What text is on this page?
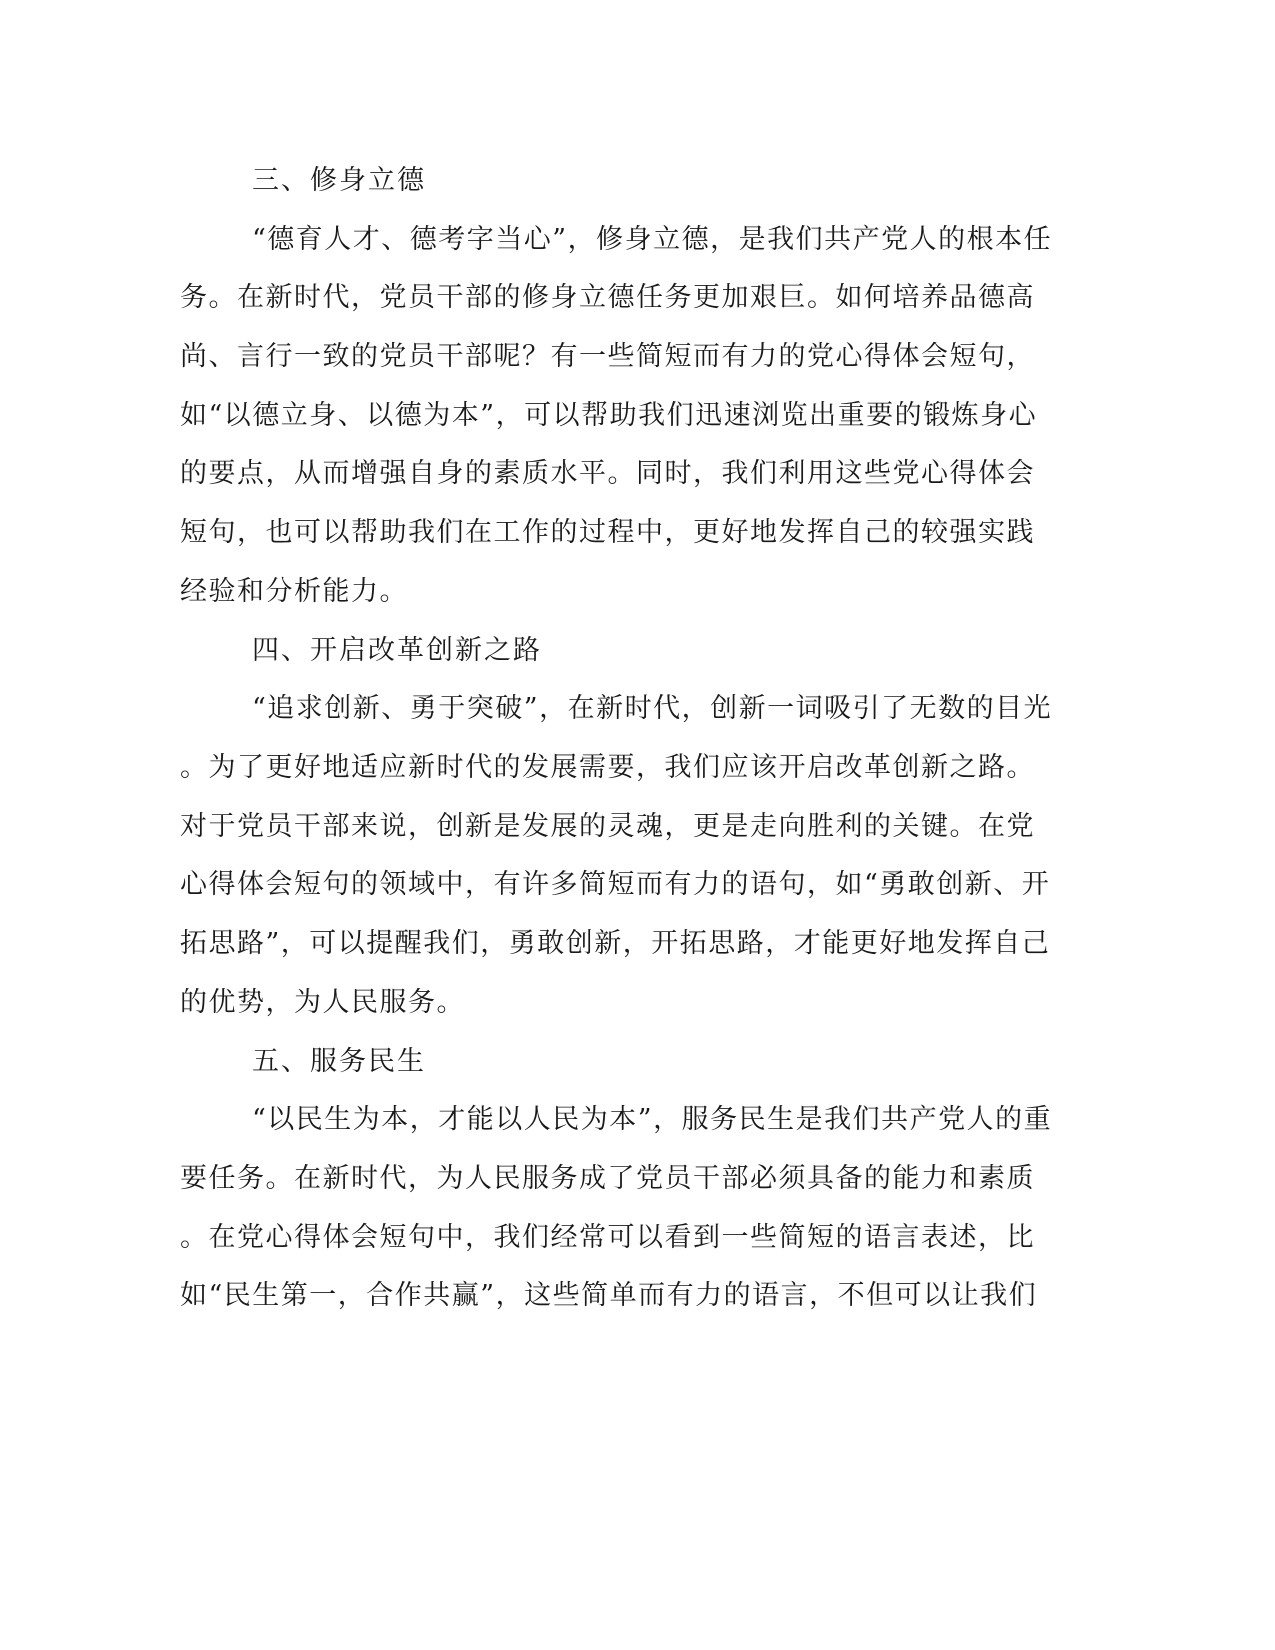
三、修身立德
“德育人才、德考字当心”，修身立德，是我们共产党人的根本任
务。在新时代，党员干部的修身立德任务更加艰巨。如何培养品德高
尚、言行一致的党员干部呢？有一些简短而有力的党心得体会短句，
如“以德立身、以德为本”，可以帮助我们迅速浏览出重要的锻炼身心
的要点，从而增强自身的素质水平。同时，我们利用这些党心得体会
短句，也可以帮助我们在工作的过程中，更好地发挥自己的较强实践
经验和分析能力。
四、开启改革创新之路
“追求创新、勇于突破”，在新时代，创新一词吸引了无数的目光
。为了更好地适应新时代的发展需要，我们应该开启改革创新之路。
对于党员干部来说，创新是发展的灵魂，更是走向胜利的关键。在党
心得体会短句的领域中，有许多简短而有力的语句，如“勇敢创新、开
拓思路”，可以提醒我们，勇敢创新，开拓思路，才能更好地发挥自己
的优势，为人民服务。
五、服务民生
“以民生为本，才能以人民为本”，服务民生是我们共产党人的重
要任务。在新时代，为人民服务成了党员干部必须具备的能力和素质
。在党心得体会短句中，我们经常可以看到一些简短的语言表述，比
如“民生第一，合作共赢”，这些简单而有力的语言，不但可以让我们
